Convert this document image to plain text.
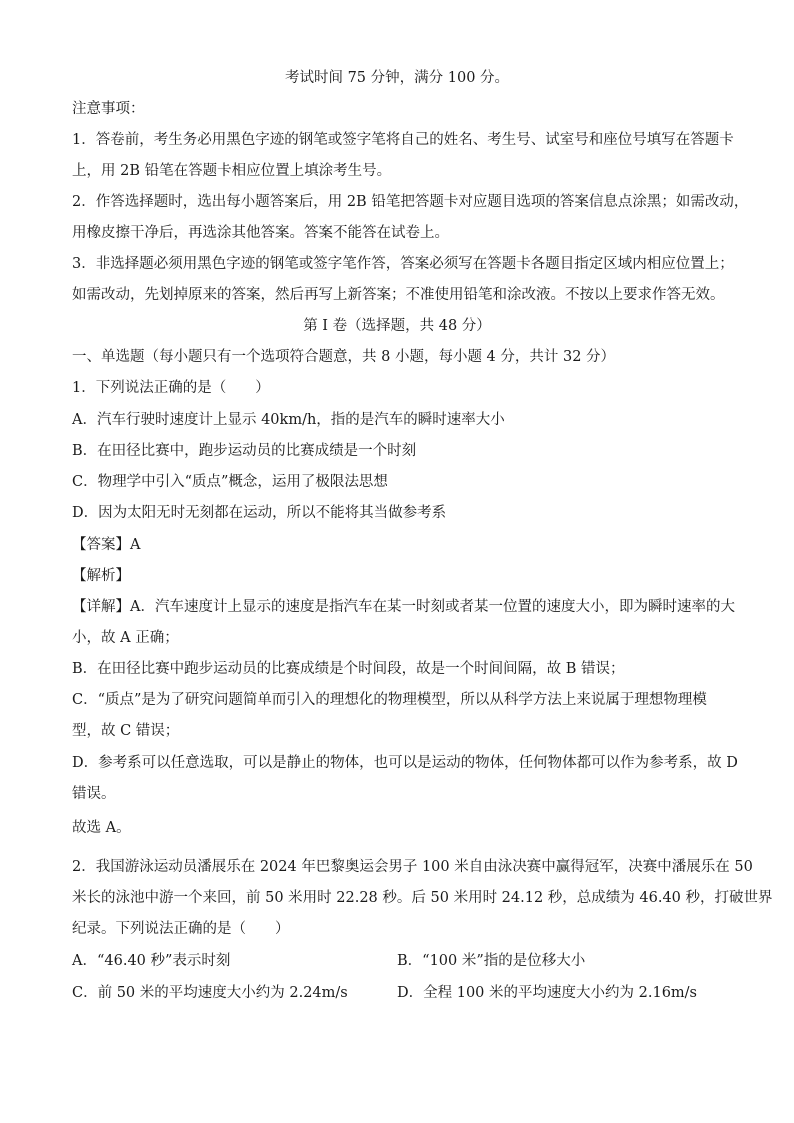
考试时间 75 分钟，满分 100 分。
注意事项：
1．答卷前，考生务必用黑色字迹的钢笔或签字笔将自己的姓名、考生号、试室号和座位号填写在答题卡
上，用 2B 铅笔在答题卡相应位置上填涂考生号。
2．作答选择题时，选出每小题答案后，用 2B 铅笔把答题卡对应题目选项的答案信息点涂黑；如需改动，
用橡皮擦干净后，再选涂其他答案。答案不能答在试卷上。
3．非选择题必须用黑色字迹的钢笔或签字笔作答，答案必须写在答题卡各题目指定区域内相应位置上；
如需改动，先划掉原来的答案，然后再写上新答案；不准使用铅笔和涂改液。不按以上要求作答无效。
第 I 卷（选择题，共 48 分）
一、单选题（每小题只有一个选项符合题意，共 8 小题，每小题 4 分，共计 32 分）
1．下列说法正确的是（　　）
A．汽车行驶时速度计上显示 40km/h，指的是汽车的瞬时速率大小
B．在田径比赛中，跑步运动员的比赛成绩是一个时刻
C．物理学中引入“质点”概念，运用了极限法思想
D．因为太阳无时无刻都在运动，所以不能将其当做参考系
【答案】A
【解析】
【详解】A．汽车速度计上显示的速度是指汽车在某一时刻或者某一位置的速度大小，即为瞬时速率的大
小，故 A 正确；
B．在田径比赛中跑步运动员的比赛成绩是个时间段，故是一个时间间隔，故 B 错误；
C．“质点”是为了研究问题简单而引入的理想化的物理模型，所以从科学方法上来说属于理想物理模
型，故 C 错误；
D．参考系可以任意选取，可以是静止的物体，也可以是运动的物体，任何物体都可以作为参考系，故 D
错误。
故选 A。
2．我国游泳运动员潘展乐在 2024 年巴黎奥运会男子 100 米自由泳决赛中赢得冠军，决赛中潘展乐在 50
米长的泳池中游一个来回，前 50 米用时 22.28 秒。后 50 米用时 24.12 秒，总成绩为 46.40 秒，打破世界
纪录。下列说法正确的是（　　）
A．“46.40 秒”表示时刻	B．“100 米”指的是位移大小
C．前 50 米的平均速度大小约为 2.24m/s	D．全程 100 米的平均速度大小约为 2.16m/s
